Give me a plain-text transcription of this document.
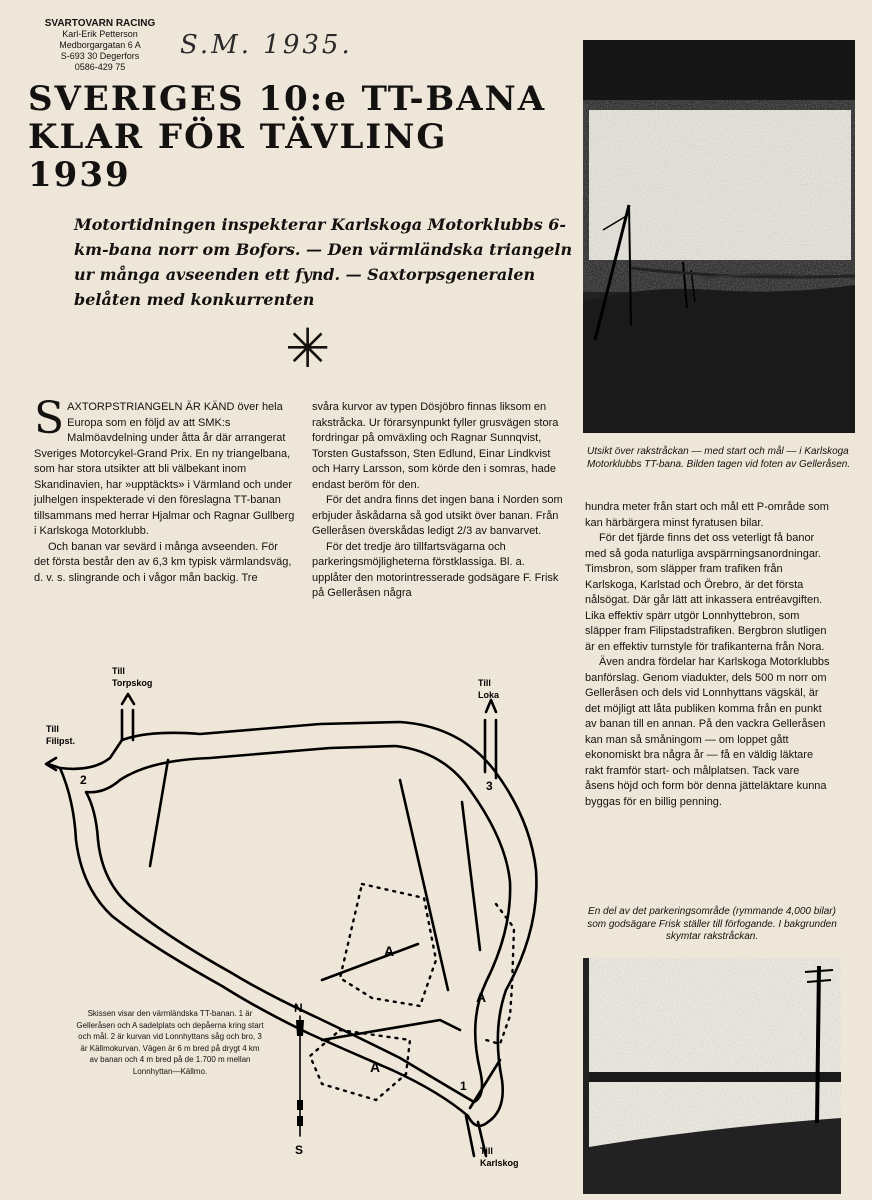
SVARTOVARN RACING
Karl-Erik Petterson
Medborgargatan 6 A
S-693 30 Degerfors
0586-429 75
S.M. 1935.
SVERIGES 10:e TT-BANA
KLAR FÖR TÄVLING
1939

Motortidningen inspekterar Karlskoga Motorklubbs 6-km-bana norr om Bofors. — Den värmländska triangeln ur många avseenden ett fynd. — Saxtorpsgeneralen belåten med konkurrenten

✳

SAXTORPSTRIANGELN ÄR KÄND över hela Europa som en följd av att SMK:s Malmöavdelning under åtta år där arrangerat Sveriges Motorcykel-Grand Prix. En ny triangelbana, som har stora utsikter att bli välbekant inom Skandinavien, har »upptäckts» i Värmland och under julhelgen inspekterade vi den föreslagna TT-banan tillsammans med herrar Hjalmar och Ragnar Gullberg i Karlskoga Motorklubb.

Och banan var sevärd i många avseenden. För det första består den av 6,3 km typisk värmlandsväg, d. v. s. slingrande och i vågor mån backig. Tre

svåra kurvor av typen Dösjöbro finnas liksom en rakstråcka. Ur förarsynpunkt fyller grusvägen stora fordringar på omväxling och Ragnar Sunnqvist, Torsten Gustafsson, Sten Edlund, Einar Lindkvist och Harry Larsson, som körde den i somras, hade endast beröm för den.

För det andra finns det ingen bana i Norden som erbjuder åskådarna så god utsikt över banan. Från Gelleråsen överskådas ledigt 2/3 av banvarvet.

För det tredje äro tillfartsvägarna och parkeringsmöjligheterna förstklassiga. Bl. a. upplåter den motorintresserade godsägare F. Frisk på Gelleråsen några

hundra meter från start och mål ett P-område som kan härbärgera minst fyratusen bilar.

För det fjärde finns det oss veterligt få banor med så goda naturliga avspärrningsanordningar. Timsbron, som släpper fram trafiken från Karlskoga, Karlstad och Örebro, är det första nålsögat. Där går lätt att inkassera entréavgiften. Lika effektiv spärr utgör Lonnhyttebron, som släpper fram Filipstadstrafiken. Bergbron slutligen är en effektiv turnstyle för trafikanterna från Nora.

Även andra fördelar har Karlskoga Motorklubbs banförslag. Genom viadukter, dels 500 m norr om Gelleråsen och dels vid Lonnhyttans vägskäl, är det möjligt att låta publiken komma från en punkt av banan till en annan. På den vackra Gelleråsen kan man så småningom — om loppet gått ekonomiskt bra några år — få en väldig läktare rakt framför start- och målplatsen. Tack vare åsens höjd och form bör denna jätteläktare kunna byggas för en billig penning.

Utsikt över rakstråckan — med start och mål — i Karlskoga Motorklubbs TT-bana. Bilden tagen vid foten av Gelleråsen.
En del av det parkeringsområde (rymmande 4,000 bilar) som godsägare Frisk ställer till förfogande. I bakgrunden skymtar rakstråckan.
Till
Torpskog
Till
Filipst.
Till
Loka
Till
Karlskog
1
2	3
A
A
A
N
S
Skissen visar den värmländska TT-banan. 1 är Gelleråsen och A sadelplats och depåerna kring start och mål. 2 är kurvan vid Lonnhyttans såg och bro, 3 är Källmokurvan. Vägen är 6 m bred på drygt 4 km av banan och 4 m bred på de 1.700 m mellan Lonnhyttan—Källmo.
